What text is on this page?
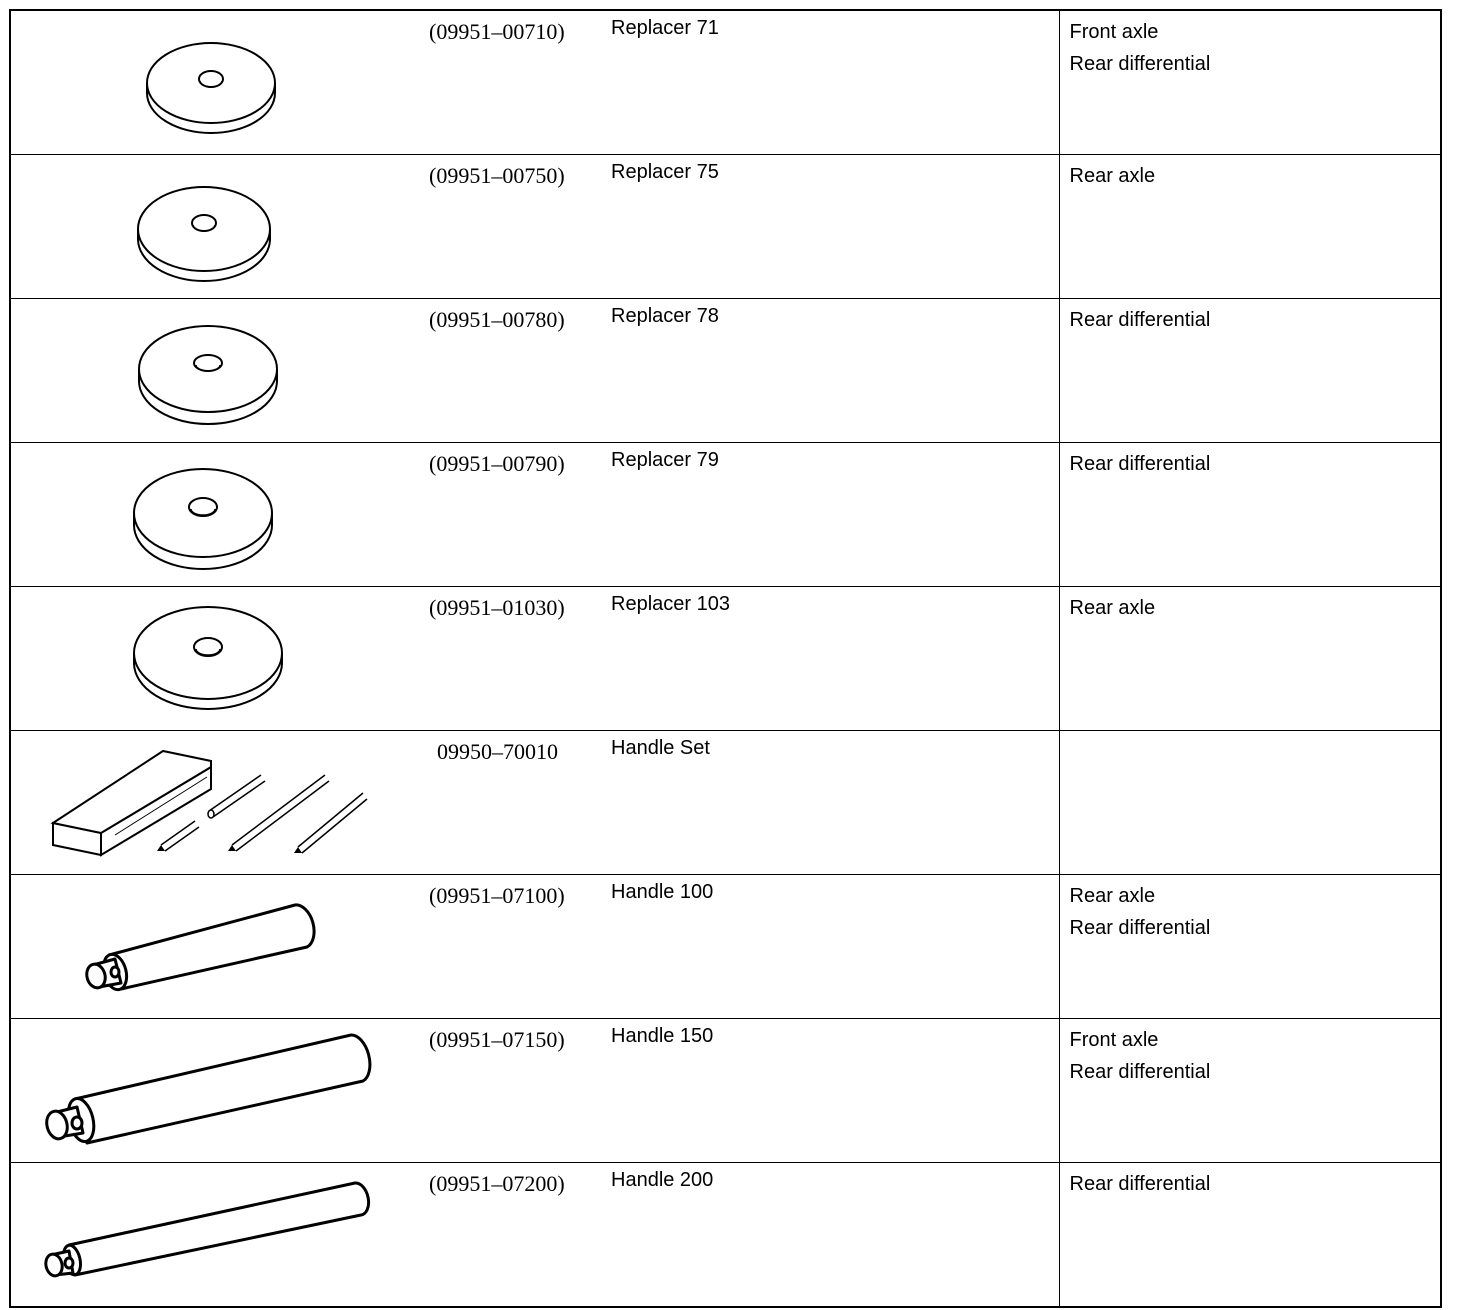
(09951–00710) Replacer 71	Front axle
Rear differential

(09951–00750) Replacer 75	Rear axle

(09951–00780) Replacer 78	Rear differential

(09951–00790) Replacer 79	Rear differential

(09951–01030) Replacer 103	Rear axle

09950–70010 Handle Set	

(09951–07100) Handle 100	Rear axle
Rear differential

(09951–07150) Handle 150	Front axle
Rear differential

(09951–07200) Handle 200	Rear differential
